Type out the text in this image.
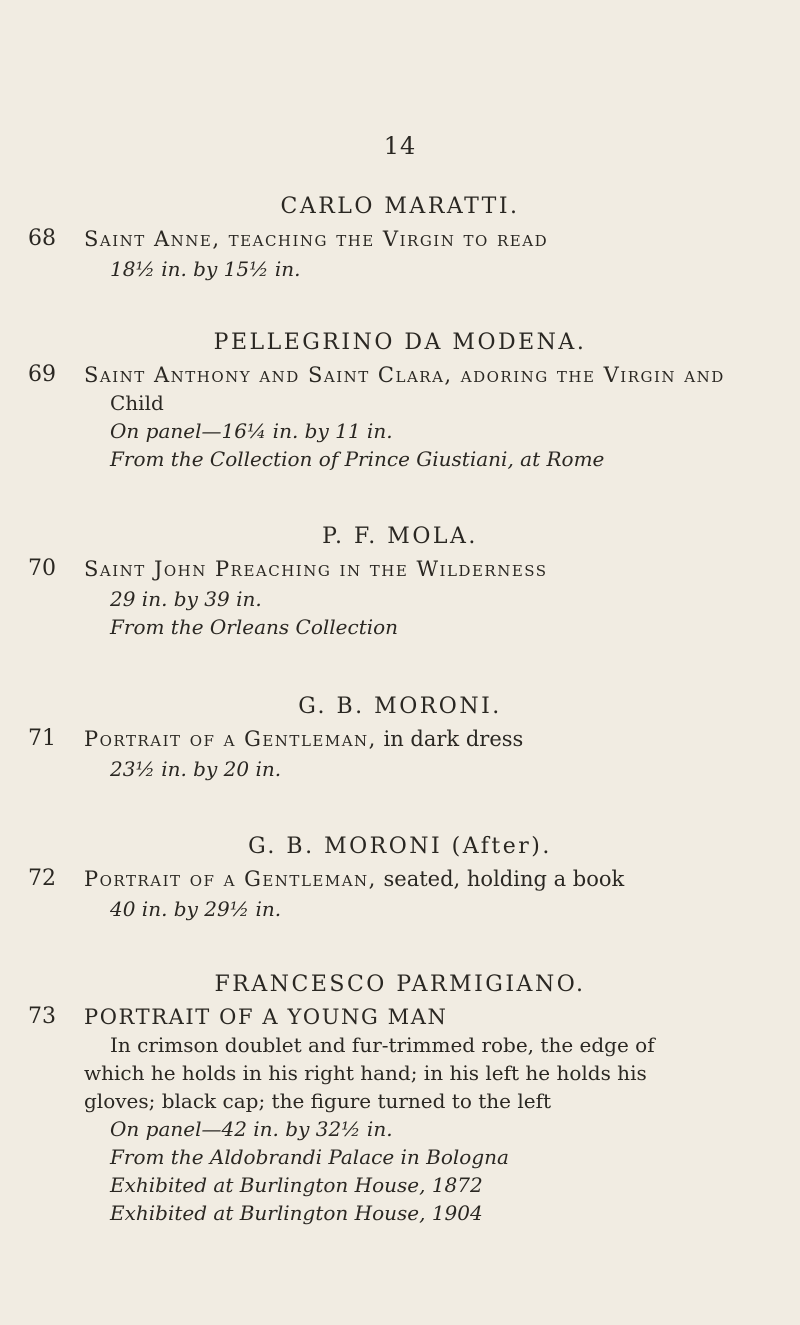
14
CARLO MARATTI.
68 Saint Anne, teaching the Virgin to read
18½ in. by 15½ in.
PELLEGRINO DA MODENA.
69 Saint Anthony and Saint Clara, adoring the Virgin and
Child
On panel—16¼ in. by 11 in.
From the Collection of Prince Giustiani, at Rome
P. F. MOLA.
70 Saint John Preaching in the Wilderness
29 in. by 39 in.
From the Orleans Collection
G. B. MORONI.
71 Portrait of a Gentleman, in dark dress
23½ in. by 20 in.
G. B. MORONI (After).
72 Portrait of a Gentleman, seated, holding a book
40 in. by 29½ in.
FRANCESCO PARMIGIANO.
73 PORTRAIT OF A YOUNG MAN
In crimson doublet and fur-trimmed robe, the edge of
which he holds in his right hand; in his left he holds his
gloves; black cap; the figure turned to the left
On panel—42 in. by 32½ in.
From the Aldobrandi Palace in Bologna
Exhibited at Burlington House, 1872
Exhibited at Burlington House, 1904
